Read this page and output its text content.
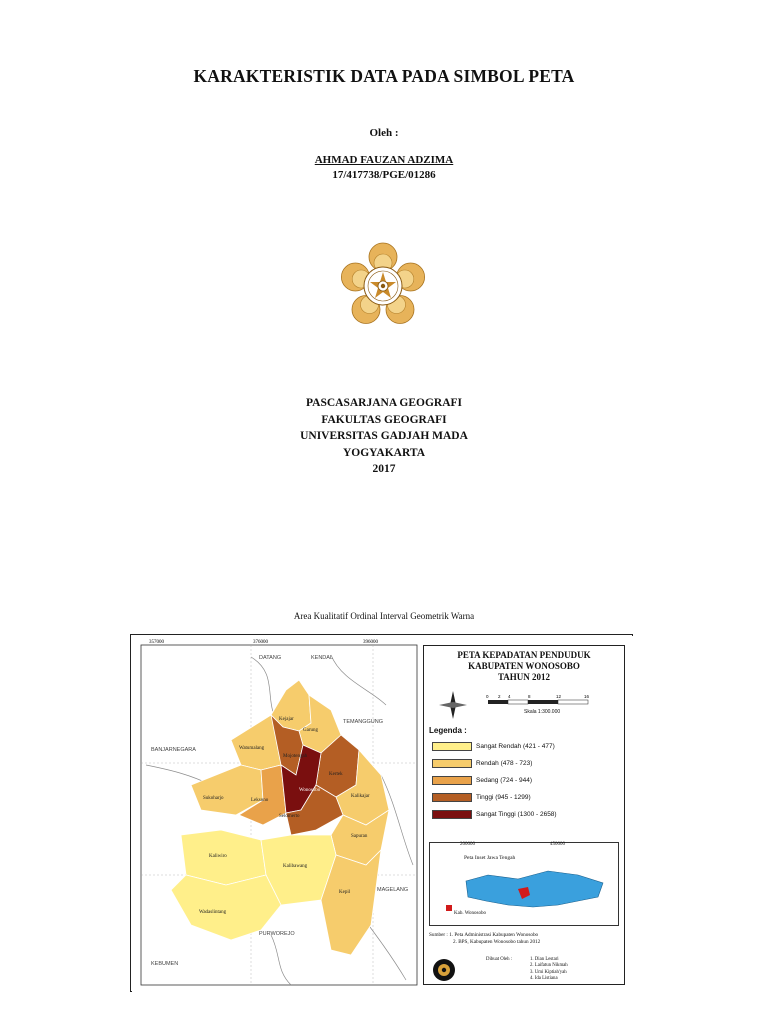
KARAKTERISTIK DATA PADA SIMBOL PETA
Oleh :
AHMAD FAUZAN ADZIMA
17/417738/PGE/01286
PASCASARJANA GEOGRAFI
FAKULTAS GEOGRAFI
UNIVERSITAS GADJAH MADA
YOGYAKARTA
2017
Area Kualitatif Ordinal Interval Geometrik Warna
357000	376000	396000
Kejajar
Garung
Watumalang
Mojotengah
Sukoharjo
Kertek
Kalikajar
Leksono
Selomerto
Wonosobo
Sapuran
Kaliwiro
Kalibawang
Kepil
Wadaslintang
DATANG	KENDAL
TEMANGGUNG
BANJARNEGARA
MAGELANG
PURWOREJO
KEBUMEN
PETA KEPADATAN PENDUDUK
KABUPATEN WONOSOBO
TAHUN 2012
0 2 4	8	12	16
Skala 1:300.000
Legenda :
Sangat Rendah (421 - 477)
Rendah (478 - 723)
Sedang (724 - 944)
Tinggi (945 - 1299)
Sangat Tinggi (1300 - 2658)
200000	450000
Peta Inset Jawa Tengah
Kab. Wonosobo
Sumber : 1. Peta Administrasi Kabupaten Wonosobo
2. BPS, Kabupaten Wonosobo tahun 2012
Dibuat Oleh :	1. Dian Lestari
2. Laifatun Nikmah
3. Umi Kiptiah'yah
4. Ida Listiana
